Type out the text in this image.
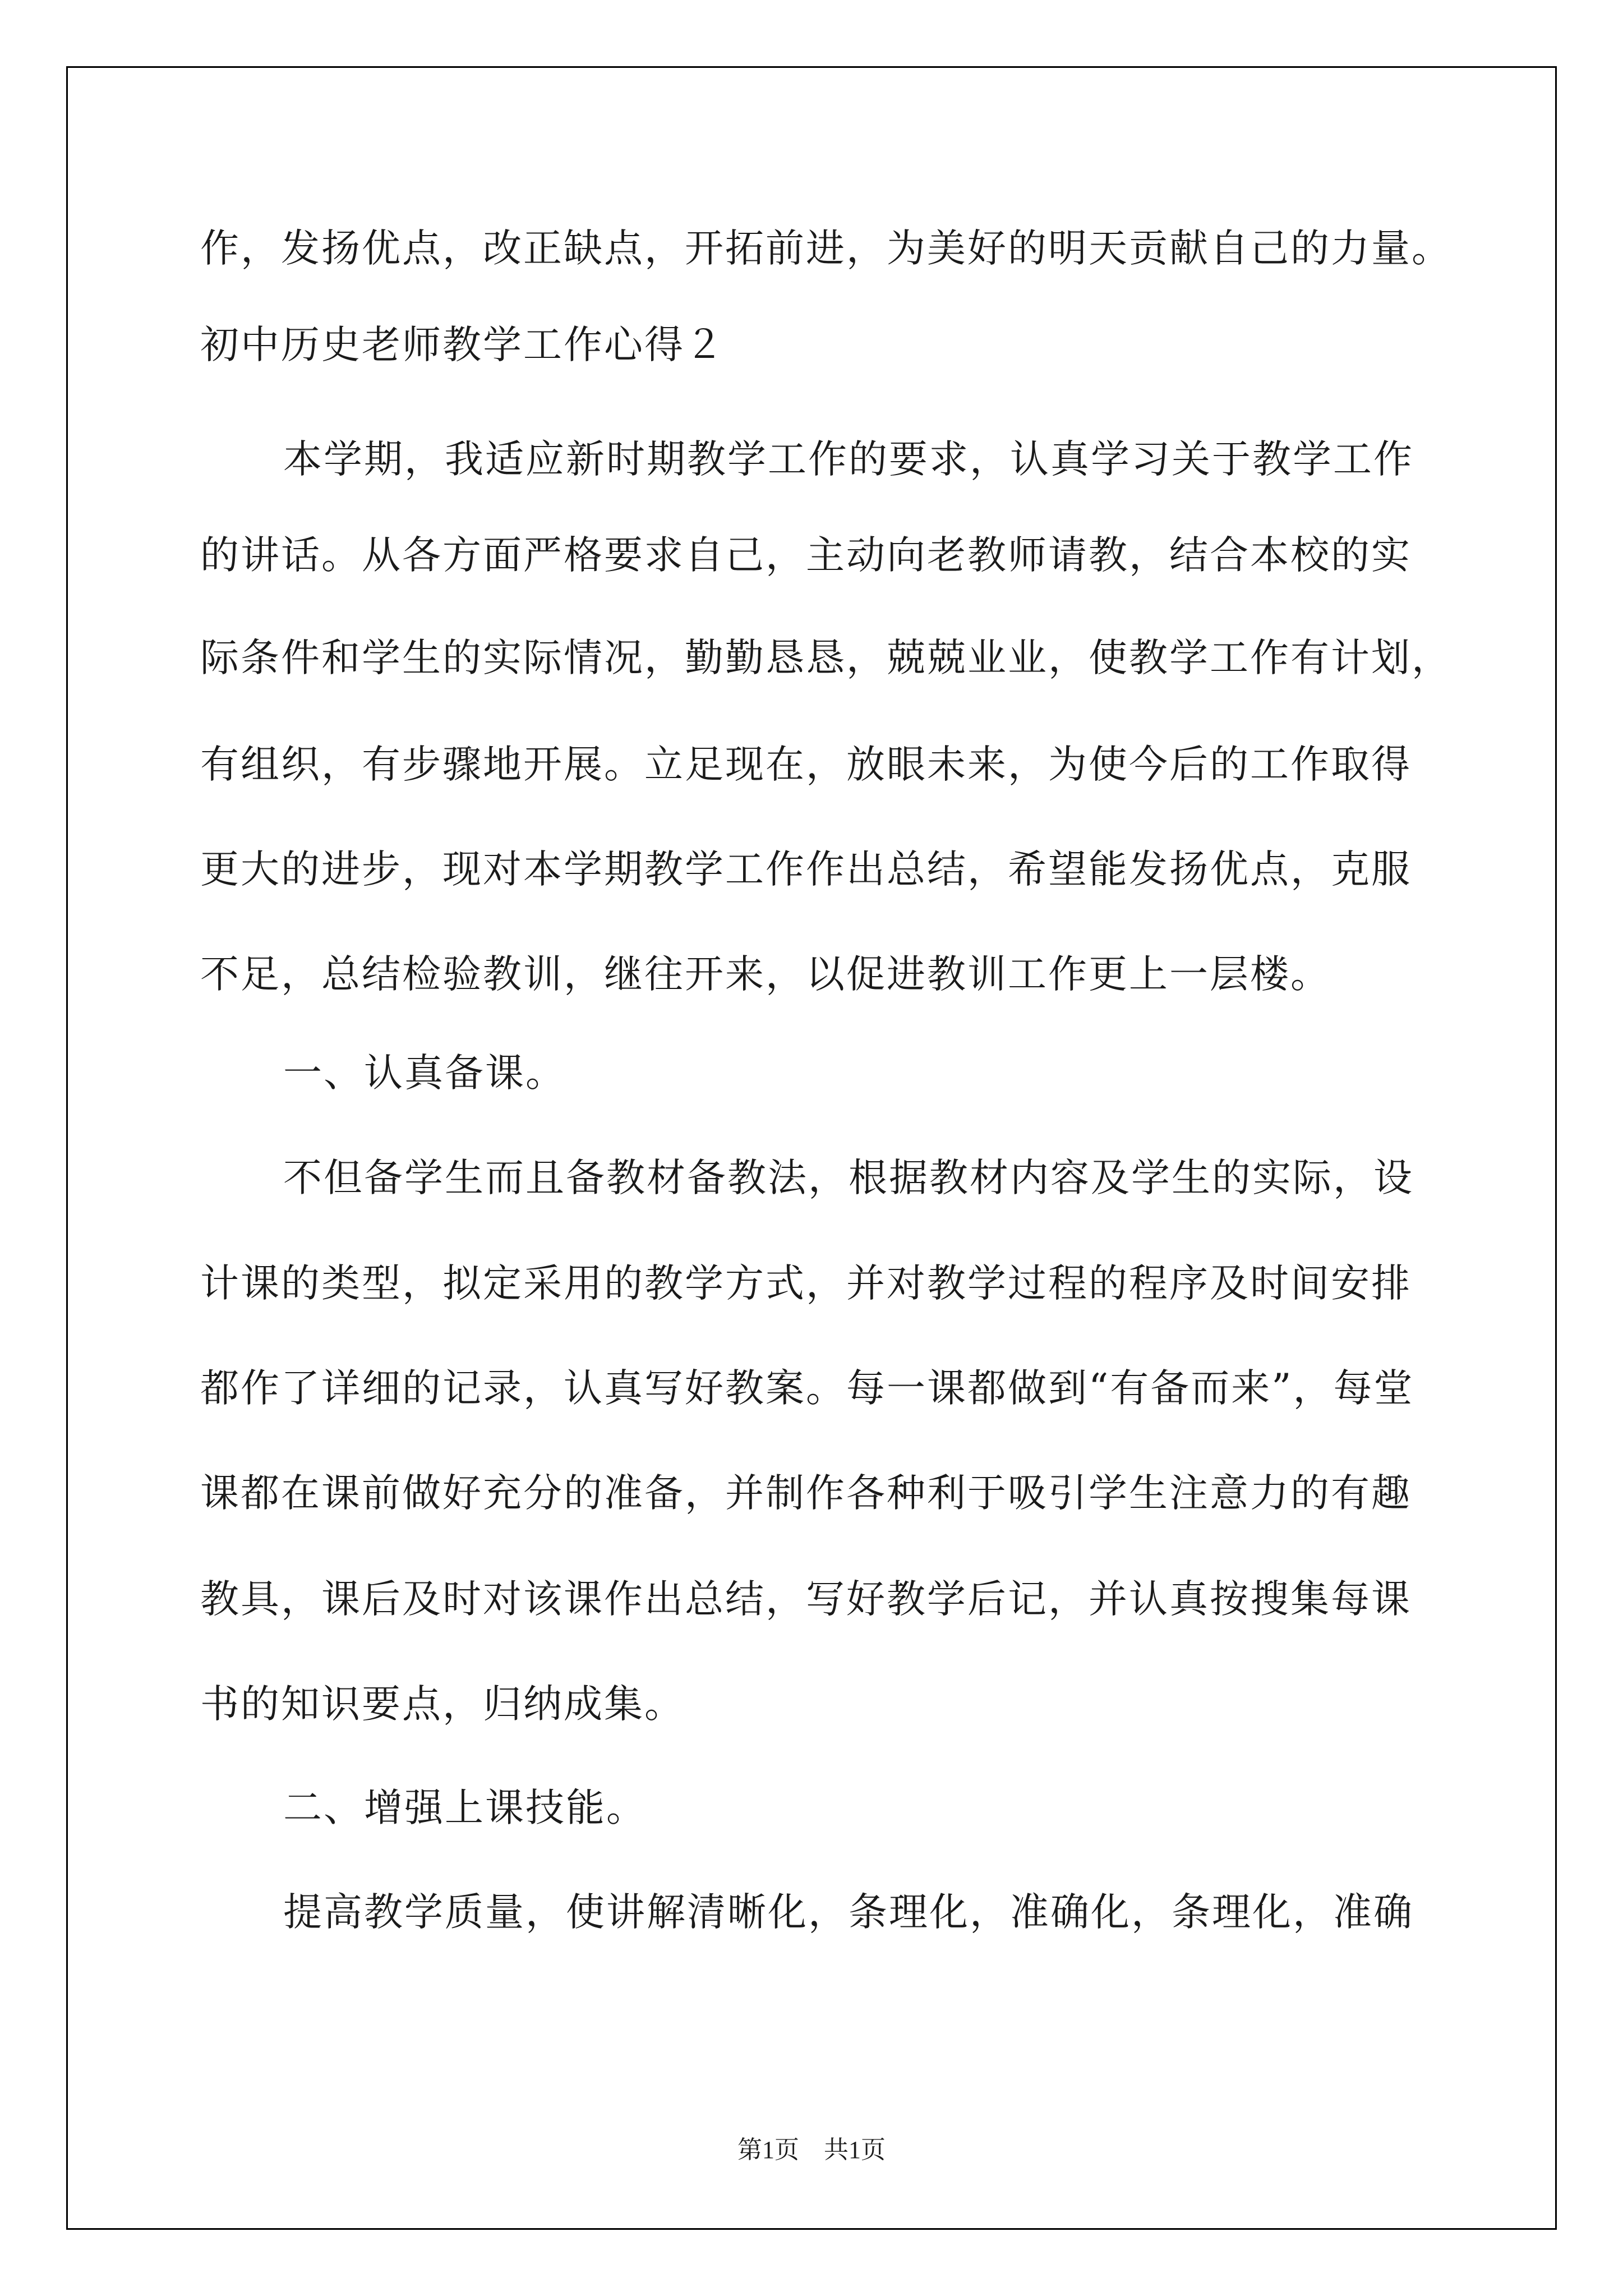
作，发扬优点，改正缺点，开拓前进，为美好的明天贡献自己的力量。
初中历史老师教学工作心得２
本学期，我适应新时期教学工作的要求，认真学习关于教学工作
的讲话。从各方面严格要求自己，主动向老教师请教，结合本校的实
际条件和学生的实际情况，勤勤恳恳，兢兢业业，使教学工作有计划，
有组织，有步骤地开展。立足现在，放眼未来，为使今后的工作取得
更大的进步，现对本学期教学工作作出总结，希望能发扬优点，克服
不足，总结检验教训，继往开来，以促进教训工作更上一层楼。
一、认真备课。
不但备学生而且备教材备教法，根据教材内容及学生的实际，设
计课的类型，拟定采用的教学方式，并对教学过程的程序及时间安排
都作了详细的记录，认真写好教案。每一课都做到“有备而来”，每堂
课都在课前做好充分的准备，并制作各种利于吸引学生注意力的有趣
教具，课后及时对该课作出总结，写好教学后记，并认真按搜集每课
书的知识要点，归纳成集。
二、增强上课技能。
提高教学质量，使讲解清晰化，条理化，准确化，条理化，准确
第1页　共1页
